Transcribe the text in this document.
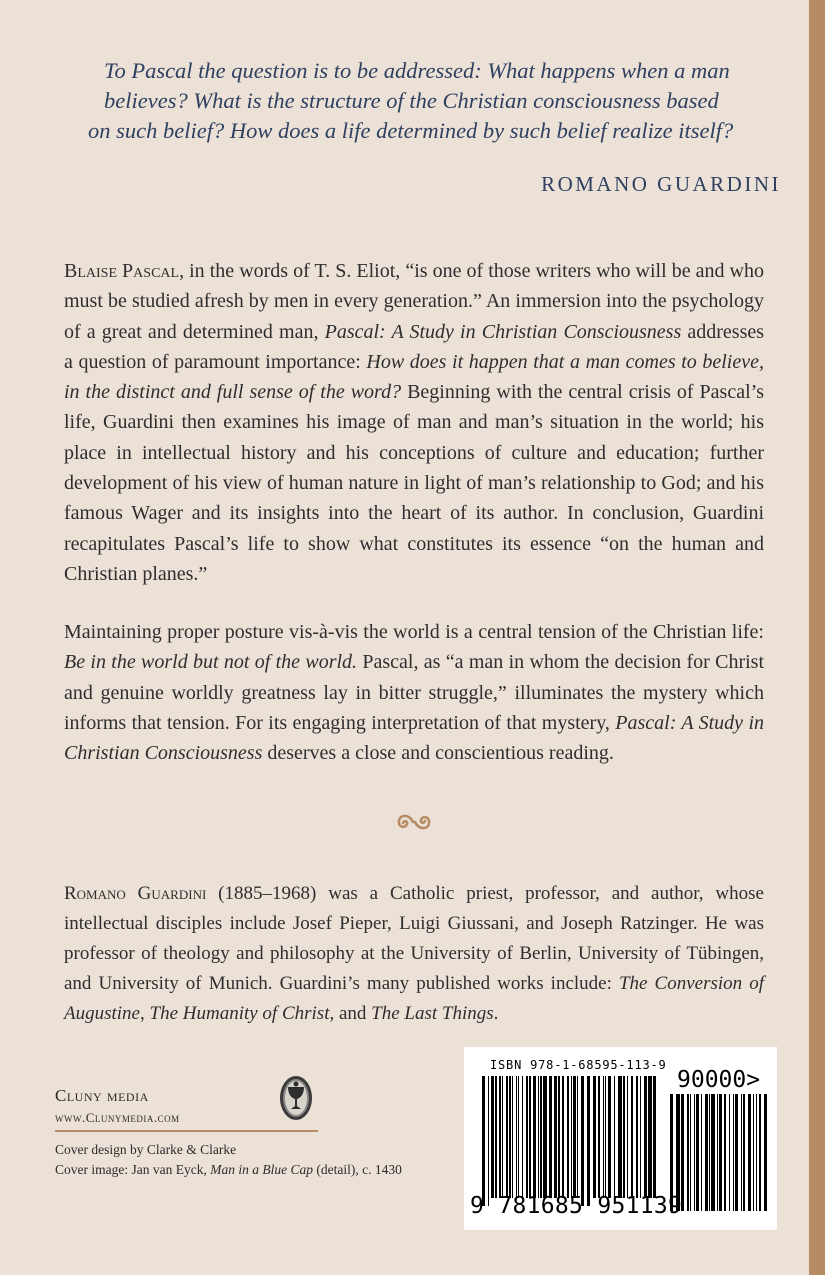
To Pascal the question is to be addressed: What happens when a man
believes? What is the structure of the Christian consciousness based
on such belief? How does a life determined by such belief realize itself?
ROMANO GUARDINI
Blaise Pascal, in the words of T. S. Eliot, “is one of those writers who will be and who must be studied afresh by men in every generation.” An immersion into the psychology of a great and determined man, Pascal: A Study in Christian Consciousness addresses a question of paramount importance: How does it happen that a man comes to believe, in the distinct and full sense of the word? Beginning with the central crisis of Pascal’s life, Guardini then examines his image of man and man’s situation in the world; his place in intellectual history and his conceptions of culture and education; further development of his view of human nature in light of man’s relationship to God; and his famous Wager and its insights into the heart of its author. In conclusion, Guardini recapitulates Pascal’s life to show what constitutes its essence “on the human and Christian planes.”
Maintaining proper posture vis-à-vis the world is a central tension of the Christian life: Be in the world but not of the world. Pascal, as “a man in whom the decision for Christ and genuine worldly greatness lay in bitter struggle,” illuminates the mystery which informs that tension. For its engaging interpretation of that mystery, Pascal: A Study in Christian Consciousness deserves a close and conscientious reading.
Romano Guardini (1885–1968) was a Catholic priest, professor, and author, whose intellectual disciples include Josef Pieper, Luigi Giussani, and Joseph Ratzinger. He was professor of theology and philosophy at the University of Berlin, University of Tübingen, and University of Munich. Guardini’s many published works include: The Conversion of Augustine, The Humanity of Christ, and The Last Things.
Cluny media
www.Clunymedia.com
Cover design by Clarke & Clarke
Cover image: Jan van Eyck, Man in a Blue Cap (detail), c. 1430
ISBN 978-1-68595-113-9
90000>
9 781685 951139
